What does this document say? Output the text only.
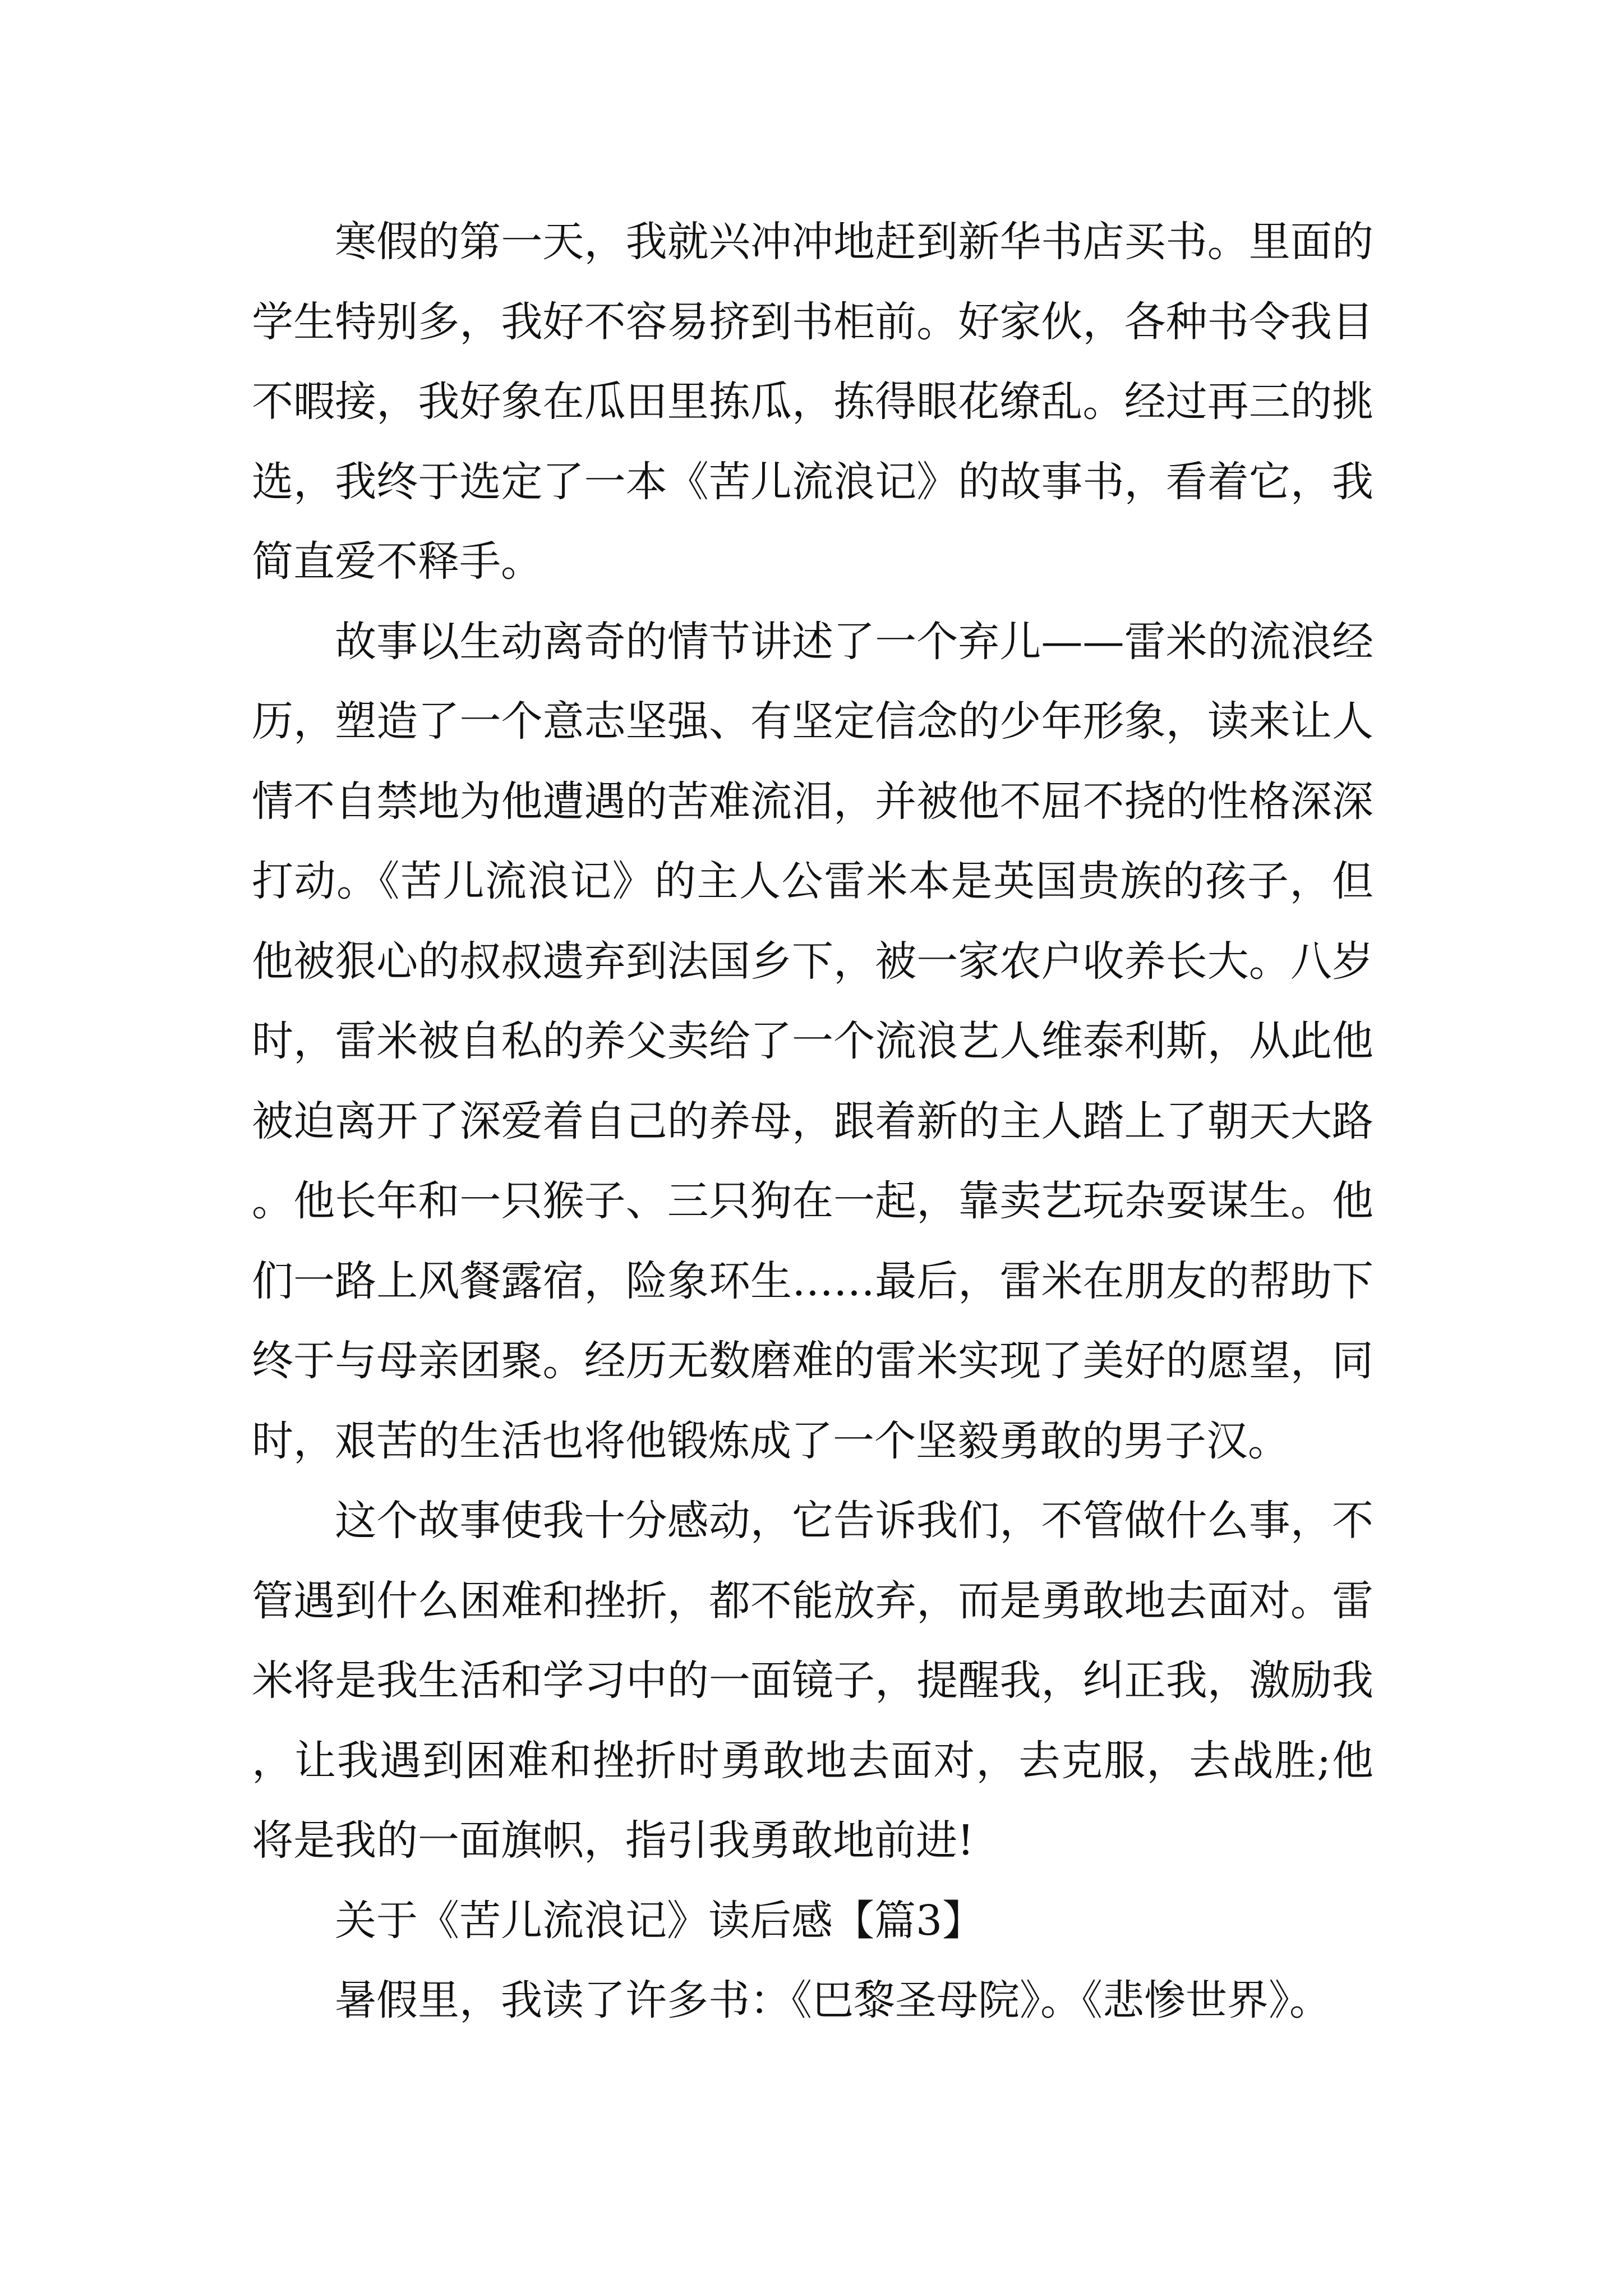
寒假的第一天，我就兴冲冲地赶到新华书店买书。里面的学生特别多，我好不容易挤到书柜前。好家伙，各种书令我目不暇接，我好象在瓜田里拣瓜，拣得眼花缭乱。经过再三的挑选，我终于选定了一本《苦儿流浪记》的故事书，看着它，我简直爱不释手。

故事以生动离奇的情节讲述了一个弃儿——雷米的流浪经历，塑造了一个意志坚强、有坚定信念的少年形象，读来让人情不自禁地为他遭遇的苦难流泪，并被他不屈不挠的性格深深打动。《苦儿流浪记》的主人公雷米本是英国贵族的孩子，但他被狠心的叔叔遗弃到法国乡下，被一家农户收养长大。八岁时，雷米被自私的养父卖给了一个流浪艺人维泰利斯，从此他被迫离开了深爱着自己的养母，跟着新的主人踏上了朝天大路。他长年和一只猴子、三只狗在一起，靠卖艺玩杂耍谋生。他们一路上风餐露宿，险象环生……最后，雷米在朋友的帮助下终于与母亲团聚。经历无数磨难的雷米实现了美好的愿望，同时，艰苦的生活也将他锻炼成了一个坚毅勇敢的男子汉。

这个故事使我十分感动，它告诉我们，不管做什么事，不管遇到什么困难和挫折，都不能放弃，而是勇敢地去面对。雷米将是我生活和学习中的一面镜子，提醒我，纠正我，激励我，让我遇到困难和挫折时勇敢地去面对，去克服，去战胜;他将是我的一面旗帜，指引我勇敢地前进!

关于《苦儿流浪记》读后感【篇3】

暑假里，我读了许多书：《巴黎圣母院》。《悲惨世界》。
